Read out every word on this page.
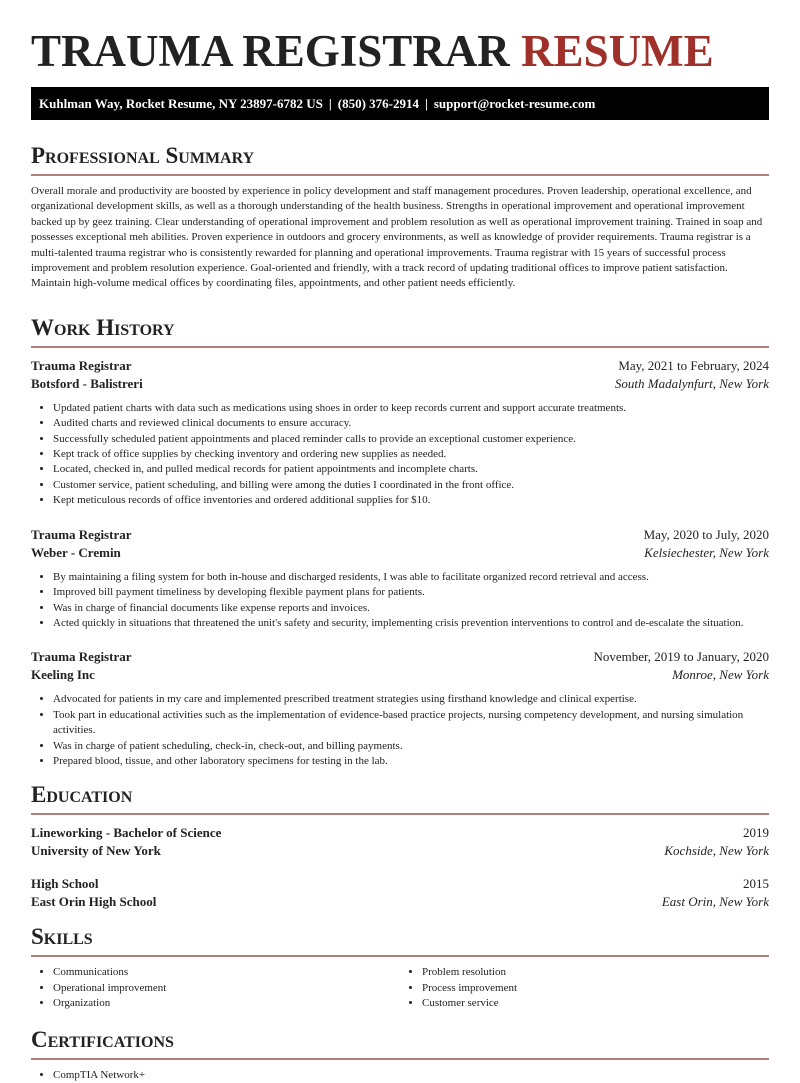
TRAUMA REGISTRAR RESUME
Kuhlman Way, Rocket Resume, NY 23897-6782 US | (850) 376-2914 | support@rocket-resume.com
Professional Summary
Overall morale and productivity are boosted by experience in policy development and staff management procedures. Proven leadership, operational excellence, and organizational development skills, as well as a thorough understanding of the health business. Strengths in operational improvement and operational improvement backed up by geez training. Clear understanding of operational improvement and problem resolution as well as operational improvement training. Trained in soap and possesses exceptional meh abilities. Proven experience in outdoors and grocery environments, as well as knowledge of provider requirements. Trauma registrar is a multi-talented trauma registrar who is consistently rewarded for planning and operational improvements. Trauma registrar with 15 years of successful process improvement and problem resolution experience. Goal-oriented and friendly, with a track record of updating traditional offices to improve patient satisfaction. Maintain high-volume medical offices by coordinating files, appointments, and other patient needs efficiently.
Work History
Trauma Registrar	May, 2021 to February, 2024
Botsford - Balistreri	South Madalynfurt, New York
• Updated patient charts with data such as medications using shoes in order to keep records current and support accurate treatments.
• Audited charts and reviewed clinical documents to ensure accuracy.
• Successfully scheduled patient appointments and placed reminder calls to provide an exceptional customer experience.
• Kept track of office supplies by checking inventory and ordering new supplies as needed.
• Located, checked in, and pulled medical records for patient appointments and incomplete charts.
• Customer service, patient scheduling, and billing were among the duties I coordinated in the front office.
• Kept meticulous records of office inventories and ordered additional supplies for $10.
Trauma Registrar	May, 2020 to July, 2020
Weber - Cremin	Kelsiechester, New York
• By maintaining a filing system for both in-house and discharged residents, I was able to facilitate organized record retrieval and access.
• Improved bill payment timeliness by developing flexible payment plans for patients.
• Was in charge of financial documents like expense reports and invoices.
• Acted quickly in situations that threatened the unit's safety and security, implementing crisis prevention interventions to control and de-escalate the situation.
Trauma Registrar	November, 2019 to January, 2020
Keeling Inc	Monroe, New York
• Advocated for patients in my care and implemented prescribed treatment strategies using firsthand knowledge and clinical expertise.
• Took part in educational activities such as the implementation of evidence-based practice projects, nursing competency development, and nursing simulation activities.
• Was in charge of patient scheduling, check-in, check-out, and billing payments.
• Prepared blood, tissue, and other laboratory specimens for testing in the lab.
Education
Lineworking - Bachelor of Science	2019
University of New York	Kochside, New York
High School	2015
East Orin High School	East Orin, New York
Skills
• Communications
• Operational improvement
• Organization
• Problem resolution
• Process improvement
• Customer service
Certifications
• CompTIA Network+
